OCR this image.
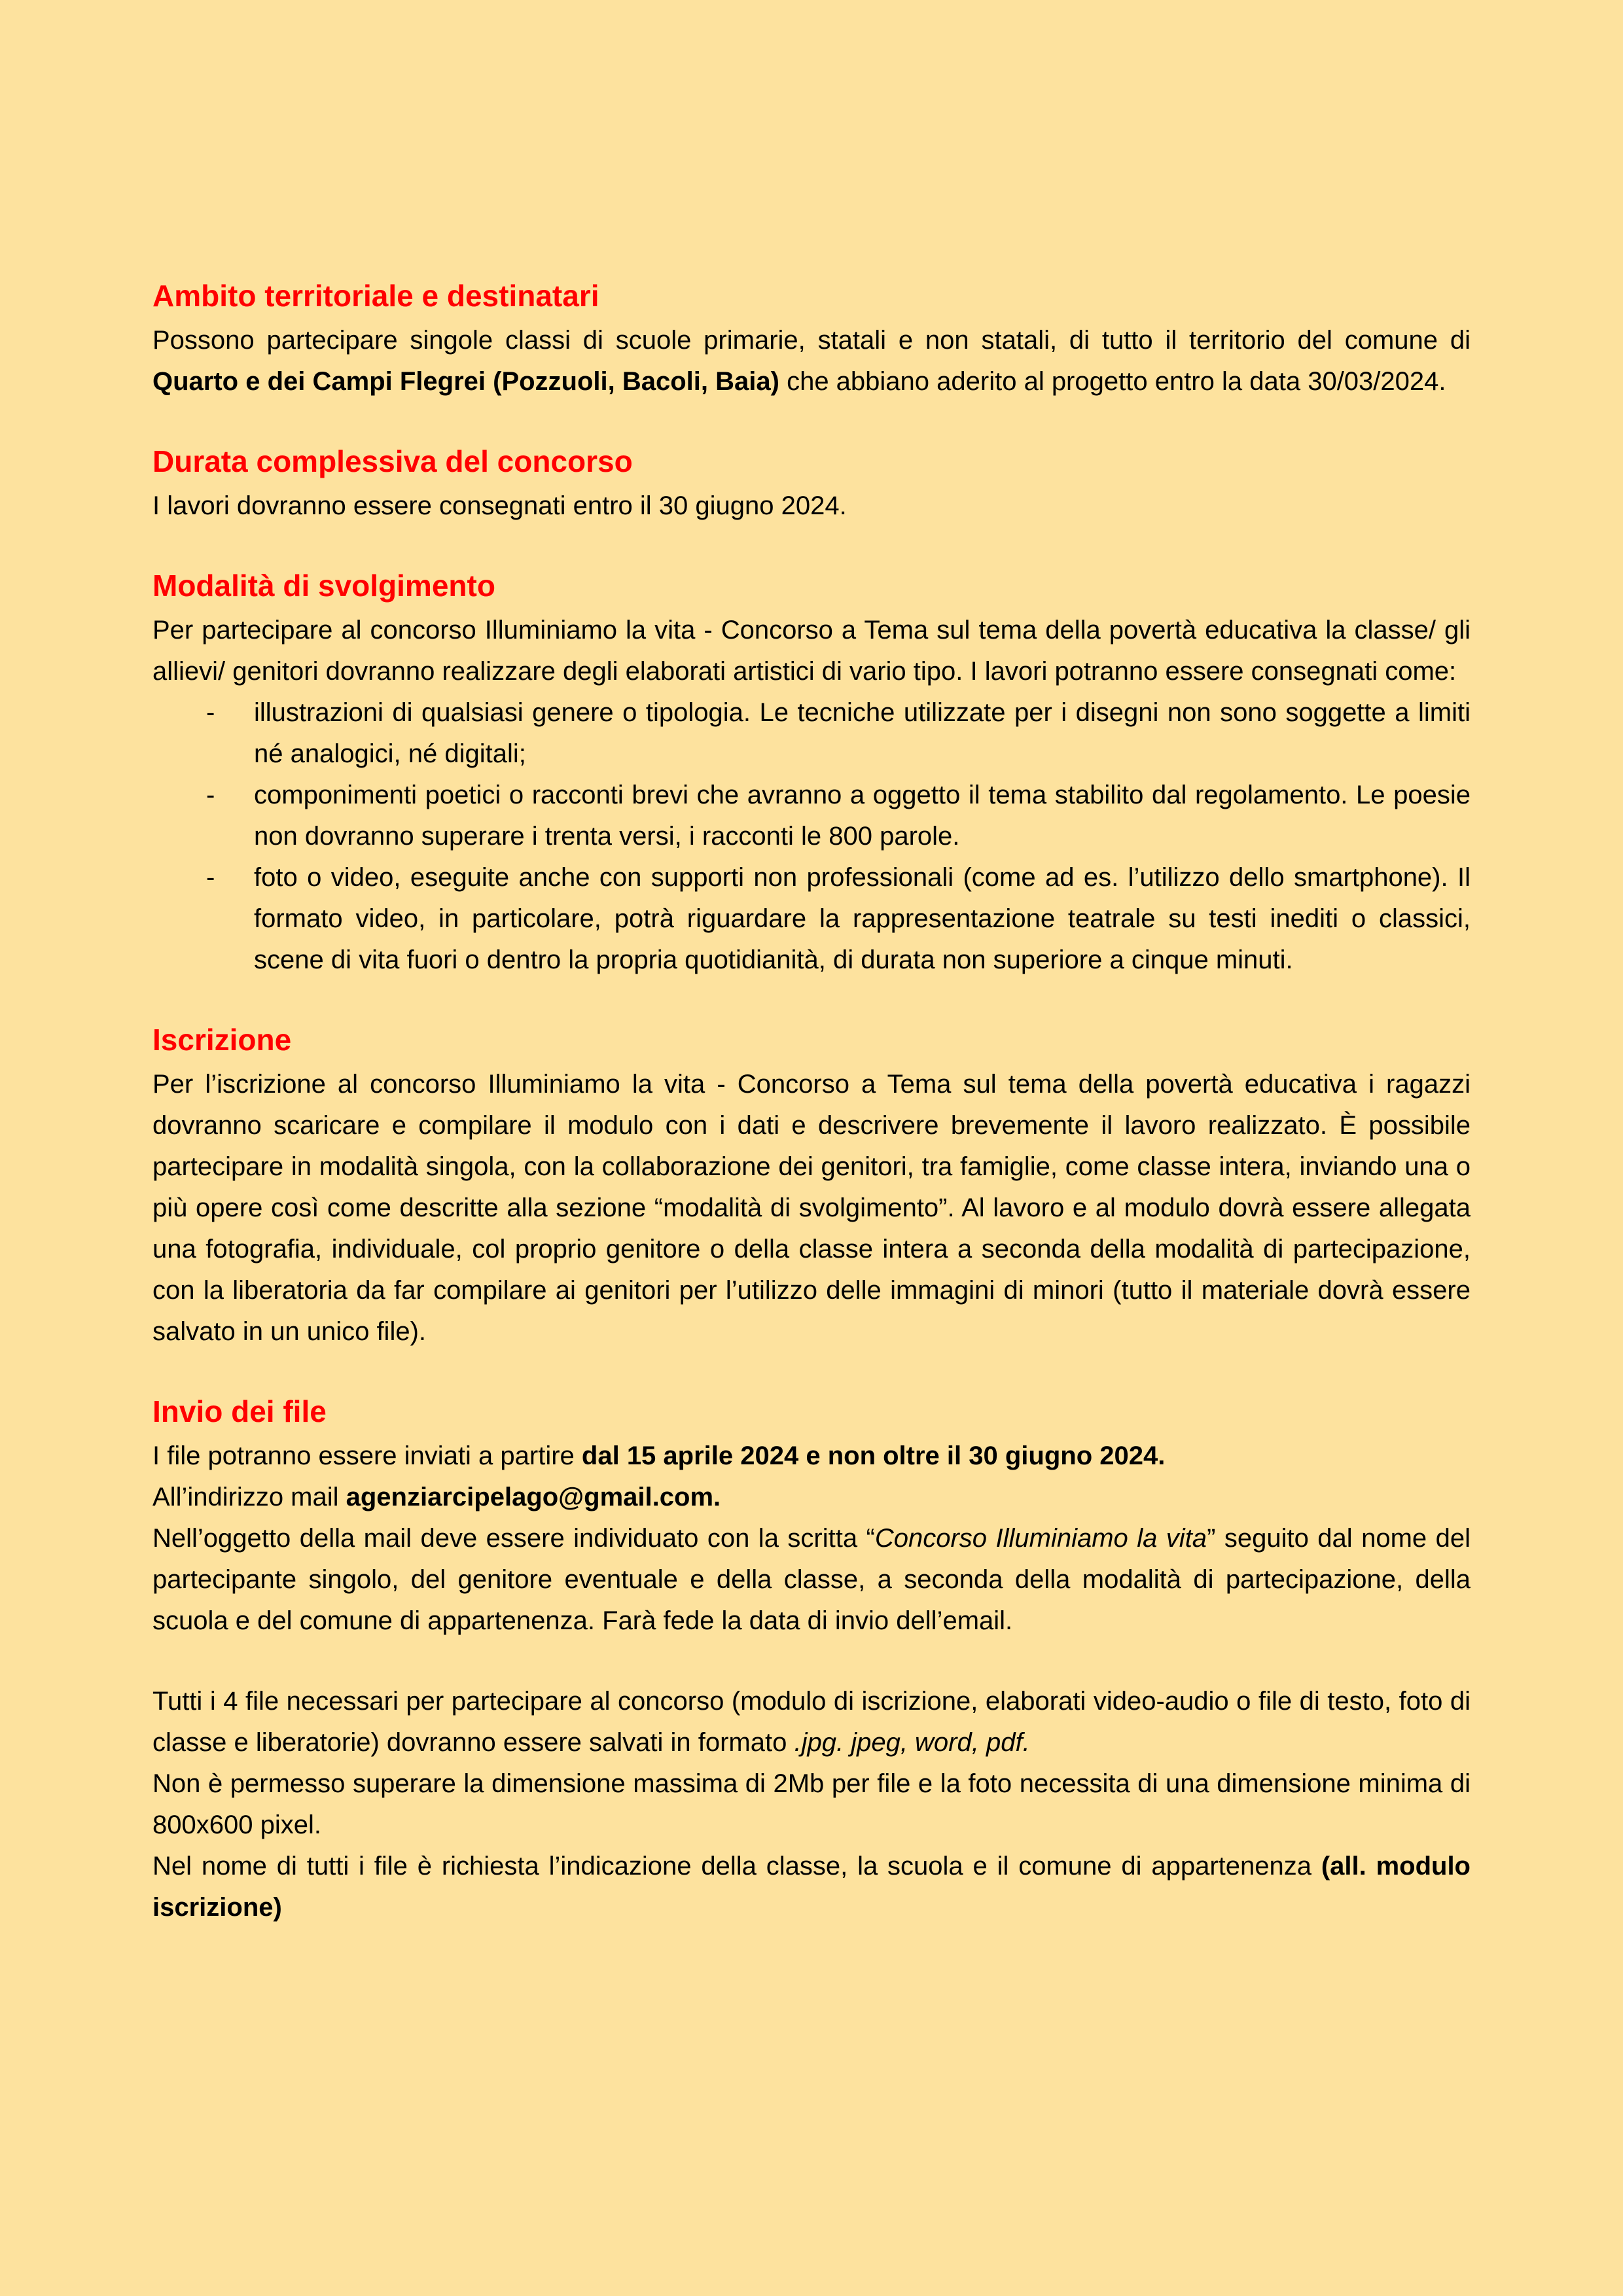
Ambito territoriale e destinatari

Possono partecipare singole classi di scuole primarie, statali e non statali, di tutto il territorio del comune di Quarto e dei Campi Flegrei (Pozzuoli, Bacoli, Baia) che abbiano aderito al progetto entro la data 30/03/2024.

Durata complessiva del concorso

I lavori dovranno essere consegnati entro il 30 giugno 2024.

Modalità di svolgimento

Per partecipare al concorso Illuminiamo la vita - Concorso a Tema sul tema della povertà educativa la classe/ gli allievi/ genitori dovranno realizzare degli elaborati artistici di vario tipo. I lavori potranno essere consegnati come:

-	illustrazioni di qualsiasi genere o tipologia. Le tecniche utilizzate per i disegni non sono soggette a limiti né analogici, né digitali;
-	componimenti poetici o racconti brevi che avranno a oggetto il tema stabilito dal regolamento. Le poesie non dovranno superare i trenta versi, i racconti le 800 parole.
-	foto o video, eseguite anche con supporti non professionali (come ad es. l’utilizzo dello smartphone). Il formato video, in particolare, potrà riguardare la rappresentazione teatrale su testi inediti o classici, scene di vita fuori o dentro la propria quotidianità, di durata non superiore a cinque minuti.
Iscrizione

Per l’iscrizione al concorso Illuminiamo la vita - Concorso a Tema sul tema della povertà educativa i ragazzi dovranno scaricare e compilare il modulo con i dati e descrivere brevemente il lavoro realizzato. È possibile partecipare in modalità singola, con la collaborazione dei genitori, tra famiglie, come classe intera, inviando una o più opere così come descritte alla sezione “modalità di svolgimento”. Al lavoro e al modulo dovrà essere allegata una fotografia, individuale, col proprio genitore o della classe intera a seconda della modalità di partecipazione, con la liberatoria da far compilare ai genitori per l’utilizzo delle immagini di minori (tutto il materiale dovrà essere salvato in un unico file).

Invio dei file

I file potranno essere inviati a partire dal 15 aprile 2024 e non oltre il 30 giugno 2024.

All’indirizzo mail agenziarcipelago@gmail.com.

Nell’oggetto della mail deve essere individuato con la scritta “Concorso Illuminiamo la vita” seguito dal nome del partecipante singolo, del genitore eventuale e della classe, a seconda della modalità di partecipazione, della scuola e del comune di appartenenza. Farà fede la data di invio dell’email.

Tutti i 4 file necessari per partecipare al concorso (modulo di iscrizione, elaborati video-audio o file di testo, foto di classe e liberatorie) dovranno essere salvati in formato .jpg. jpeg, word, pdf.

Non è permesso superare la dimensione massima di 2Mb per file e la foto necessita di una dimensione minima di 800x600 pixel.

Nel nome di tutti i file è richiesta l’indicazione della classe, la scuola e il comune di appartenenza (all. modulo iscrizione)
